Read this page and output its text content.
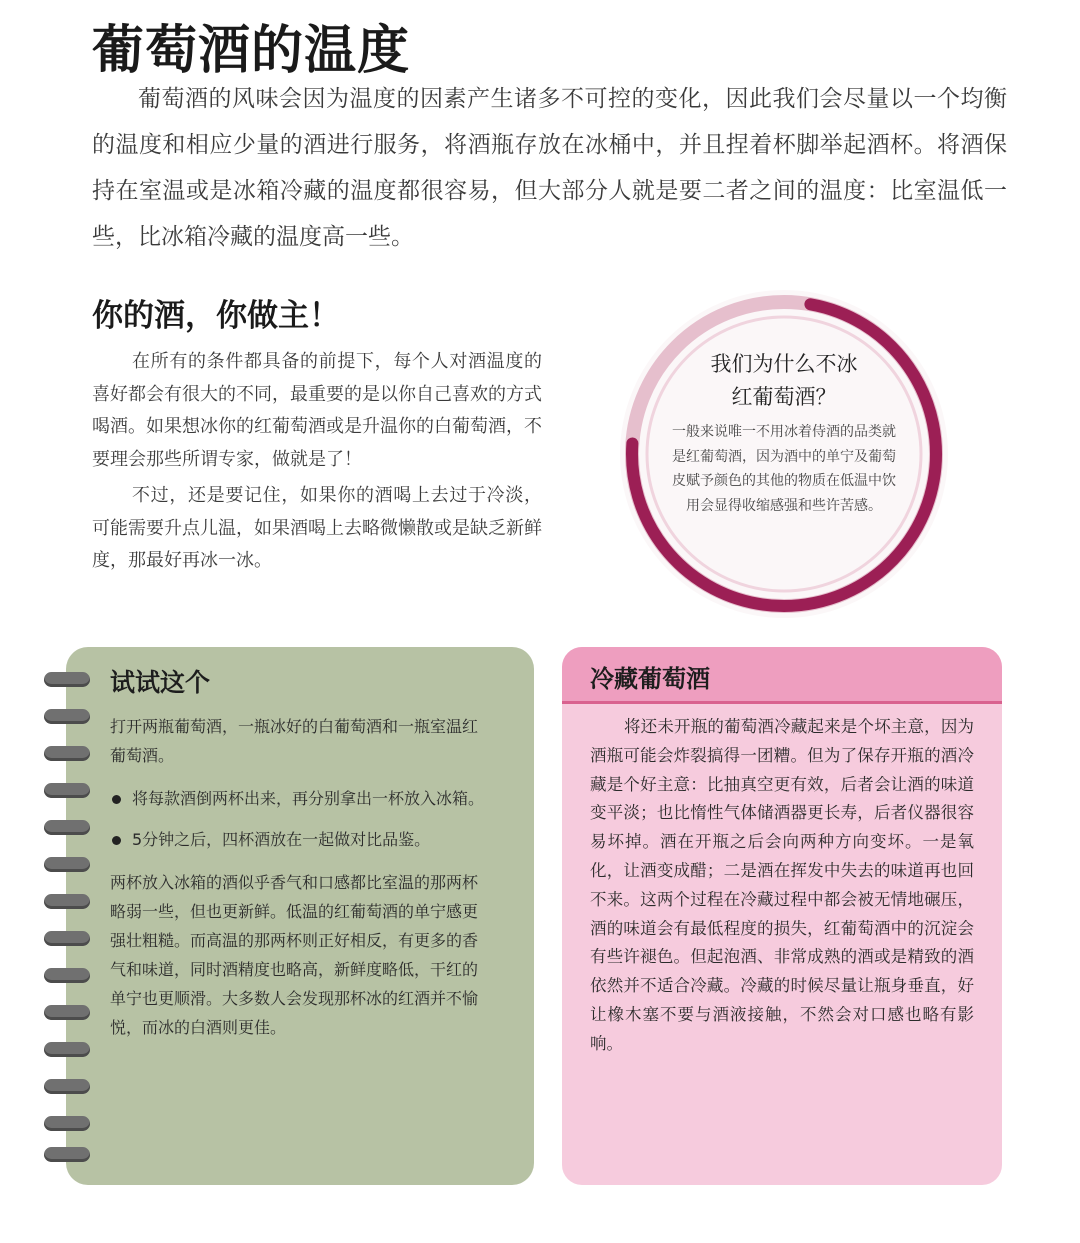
葡萄酒的温度

葡萄酒的风味会因为温度的因素产生诸多不可控的变化，因此我们会尽量以一个均衡的温度和相应少量的酒进行服务，将酒瓶存放在冰桶中，并且捏着杯脚举起酒杯。将酒保持在室温或是冰箱冷藏的温度都很容易，但大部分人就是要二者之间的温度：比室温低一些，比冰箱冷藏的温度高一些。

你的酒，你做主！

在所有的条件都具备的前提下，每个人对酒温度的喜好都会有很大的不同，最重要的是以你自己喜欢的方式喝酒。如果想冰你的红葡萄酒或是升温你的白葡萄酒，不要理会那些所谓专家，做就是了！

不过，还是要记住，如果你的酒喝上去过于冷淡，可能需要升点儿温，如果酒喝上去略微懒散或是缺乏新鲜度，那最好再冰一冰。

我们为什么不冰
红葡萄酒？

一般来说唯一不用冰着侍酒的品类就是红葡萄酒，因为酒中的单宁及葡萄皮赋予颜色的其他的物质在低温中饮用会显得收缩感强和些许苦感。

试试这个

打开两瓶葡萄酒，一瓶冰好的白葡萄酒和一瓶室温红葡萄酒。

将每款酒倒两杯出来，再分别拿出一杯放入冰箱。
5分钟之后，四杯酒放在一起做对比品鉴。

两杯放入冰箱的酒似乎香气和口感都比室温的那两杯略弱一些，但也更新鲜。低温的红葡萄酒的单宁感更强壮粗糙。而高温的那两杯则正好相反，有更多的香气和味道，同时酒精度也略高，新鲜度略低，干红的单宁也更顺滑。大多数人会发现那杯冰的红酒并不愉悦，而冰的白酒则更佳。

冷藏葡萄酒

将还未开瓶的葡萄酒冷藏起来是个坏主意，因为酒瓶可能会炸裂搞得一团糟。但为了保存开瓶的酒冷藏是个好主意：比抽真空更有效，后者会让酒的味道变平淡；也比惰性气体储酒器更长寿，后者仪器很容易坏掉。酒在开瓶之后会向两种方向变坏。一是氧化，让酒变成醋；二是酒在挥发中失去的味道再也回不来。这两个过程在冷藏过程中都会被无情地碾压，酒的味道会有最低程度的损失，红葡萄酒中的沉淀会有些许褪色。但起泡酒、非常成熟的酒或是精致的酒依然并不适合冷藏。冷藏的时候尽量让瓶身垂直，好让橡木塞不要与酒液接触，不然会对口感也略有影响。
